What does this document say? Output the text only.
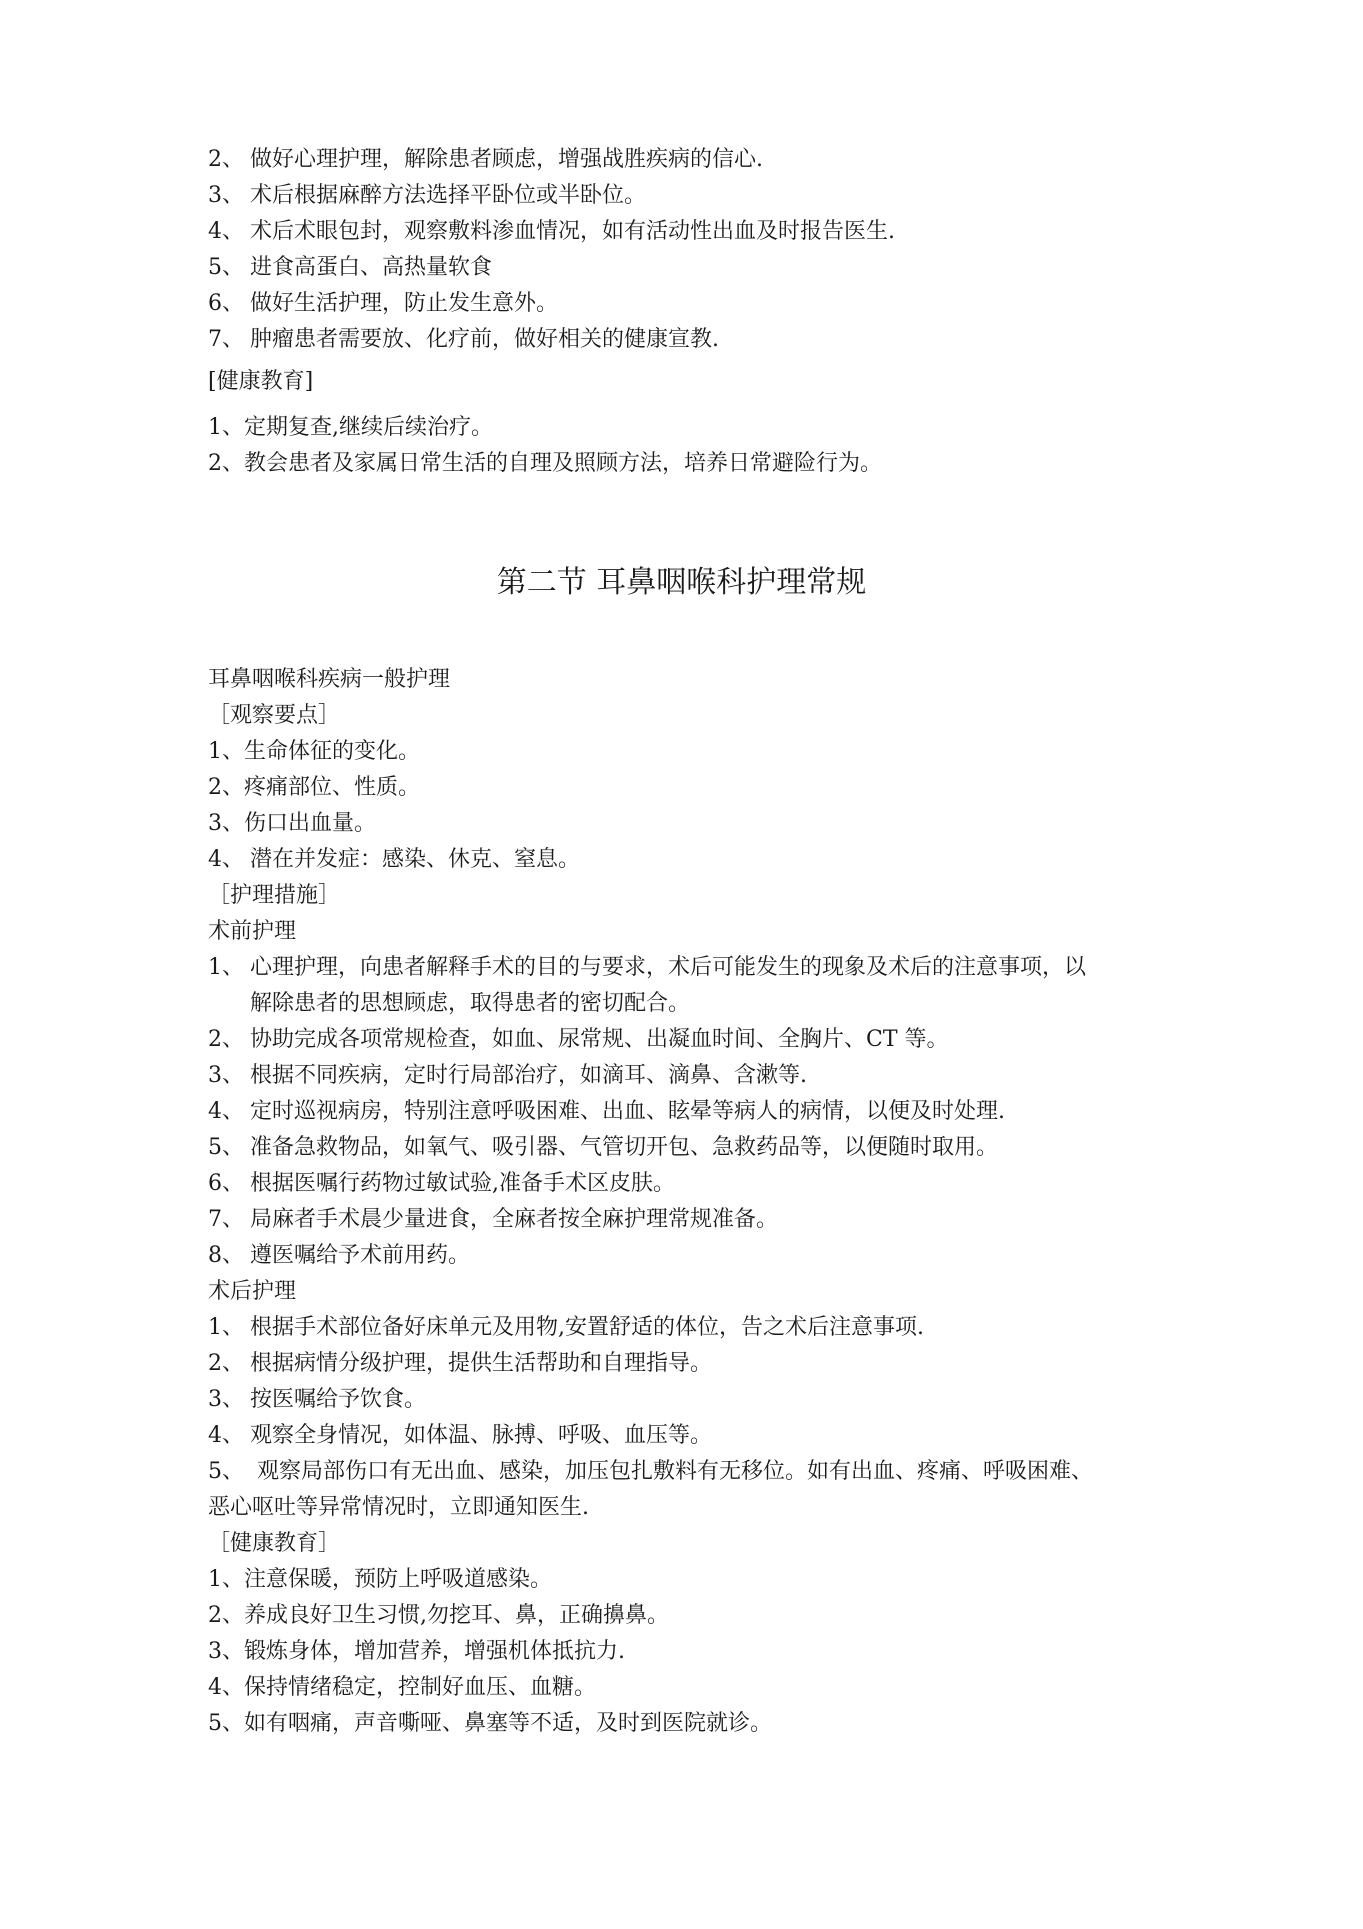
2、 做好心理护理，解除患者顾虑，增强战胜疾病的信心.
3、 术后根据麻醉方法选择平卧位或半卧位。
4、 术后术眼包封，观察敷料渗血情况，如有活动性出血及时报告医生.
5、 进食高蛋白、高热量软食
6、 做好生活护理，防止发生意外。
7、 肿瘤患者需要放、化疗前，做好相关的健康宣教.
[健康教育]
1、定期复查,继续后续治疗。
2、教会患者及家属日常生活的自理及照顾方法，培养日常避险行为。
第二节 耳鼻咽喉科护理常规
耳鼻咽喉科疾病一般护理
［观察要点］
1、生命体征的变化。
2、疼痛部位、性质。
3、伤口出血量。
4、 潜在并发症：感染、休克、窒息。
［护理措施］
术前护理
1、 心理护理，向患者解释手术的目的与要求，术后可能发生的现象及术后的注意事项，以
解除患者的思想顾虑，取得患者的密切配合。
2、 协助完成各项常规检查，如血、尿常规、出凝血时间、全胸片、CT 等。
3、 根据不同疾病，定时行局部治疗，如滴耳、滴鼻、含漱等.
4、 定时巡视病房，特别注意呼吸困难、出血、眩晕等病人的病情，以便及时处理.
5、 准备急救物品，如氧气、吸引器、气管切开包、急救药品等，以便随时取用。
6、 根据医嘱行药物过敏试验,准备手术区皮肤。
7、 局麻者手术晨少量进食，全麻者按全麻护理常规准备。
8、 遵医嘱给予术前用药。
术后护理
1、 根据手术部位备好床单元及用物,安置舒适的体位，告之术后注意事项.
2、 根据病情分级护理，提供生活帮助和自理指导。
3、 按医嘱给予饮食。
4、 观察全身情况，如体温、脉搏、呼吸、血压等。
5、 观察局部伤口有无出血、感染，加压包扎敷料有无移位。如有出血、疼痛、呼吸困难、
恶心呕吐等异常情况时，立即通知医生.
［健康教育］
1、注意保暖，预防上呼吸道感染。
2、养成良好卫生习惯,勿挖耳、鼻，正确擤鼻。
3、锻炼身体，增加营养，增强机体抵抗力.
4、保持情绪稳定，控制好血压、血糖。
5、如有咽痛，声音嘶哑、鼻塞等不适，及时到医院就诊。
